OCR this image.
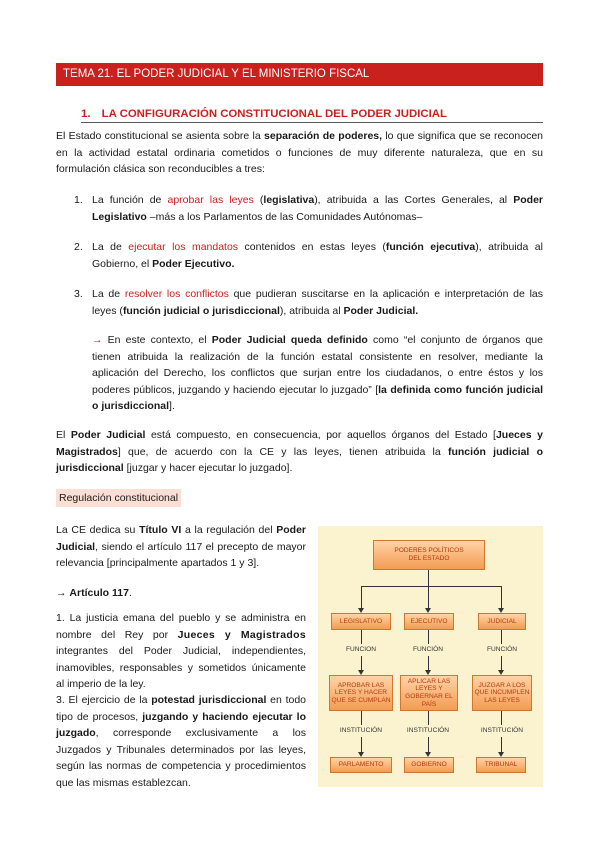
TEMA 21. EL PODER JUDICIAL Y EL MINISTERIO FISCAL
1. LA CONFIGURACIÓN CONSTITUCIONAL DEL PODER JUDICIAL
El Estado constitucional se asienta sobre la separación de poderes, lo que significa que se reconocen en la actividad estatal ordinaria cometidos o funciones de muy diferente naturaleza, que en su formulación clásica son reconducibles a tres:
1. La función de aprobar las leyes (legislativa), atribuida a las Cortes Generales, al Poder Legislativo –más a los Parlamentos de las Comunidades Autónomas–
2. La de ejecutar los mandatos contenidos en estas leyes (función ejecutiva), atribuida al Gobierno, el Poder Ejecutivo.
3. La de resolver los conflictos que pudieran suscitarse en la aplicación e interpretación de las leyes (función judicial o jurisdiccional), atribuida al Poder Judicial.
→ En este contexto, el Poder Judicial queda definido como “el conjunto de órganos que tienen atribuida la realización de la función estatal consistente en resolver, mediante la aplicación del Derecho, los conflictos que surjan entre los ciudadanos, o entre éstos y los poderes públicos, juzgando y haciendo ejecutar lo juzgado” [la definida como función judicial o jurisdiccional].
El Poder Judicial está compuesto, en consecuencia, por aquellos órganos del Estado [Jueces y Magistrados] que, de acuerdo con la CE y las leyes, tienen atribuida la función judicial o jurisdiccional [juzgar y hacer ejecutar lo juzgado].
Regulación constitucional
La CE dedica su Título VI a la regulación del Poder Judicial, siendo el artículo 117 el precepto de mayor relevancia [principalmente apartados 1 y 3].
→ Artículo 117.
1. La justicia emana del pueblo y se administra en nombre del Rey por Jueces y Magistrados integrantes del Poder Judicial, independientes, inamovibles, responsables y sometidos únicamente al imperio de la ley.
3. El ejercicio de la potestad jurisdiccional en todo tipo de procesos, juzgando y haciendo ejecutar lo juzgado, corresponde exclusivamente a los Juzgados y Tribunales determinados por las leyes, según las normas de competencia y procedimientos que las mismas establezcan.
PODERES POLÍTICOS DEL ESTADO
LEGISLATIVO	EJECUTIVO	JUDICIAL
FUNCION	FUNCIÓN	FUNCIÓN
APROBAR LAS LEYES Y HACER QUE SE CUMPLAN
APLICAR LAS LEYES Y GOBERNAR EL PAÍS
JUZGAR A LOS QUE INCUMPLEN LAS LEYES
INSTITUCIÓN	INSTITUCIÓN	INSTITUCIÓN
PARLAMENTO	GOBIERNO	TRIBUNAL
